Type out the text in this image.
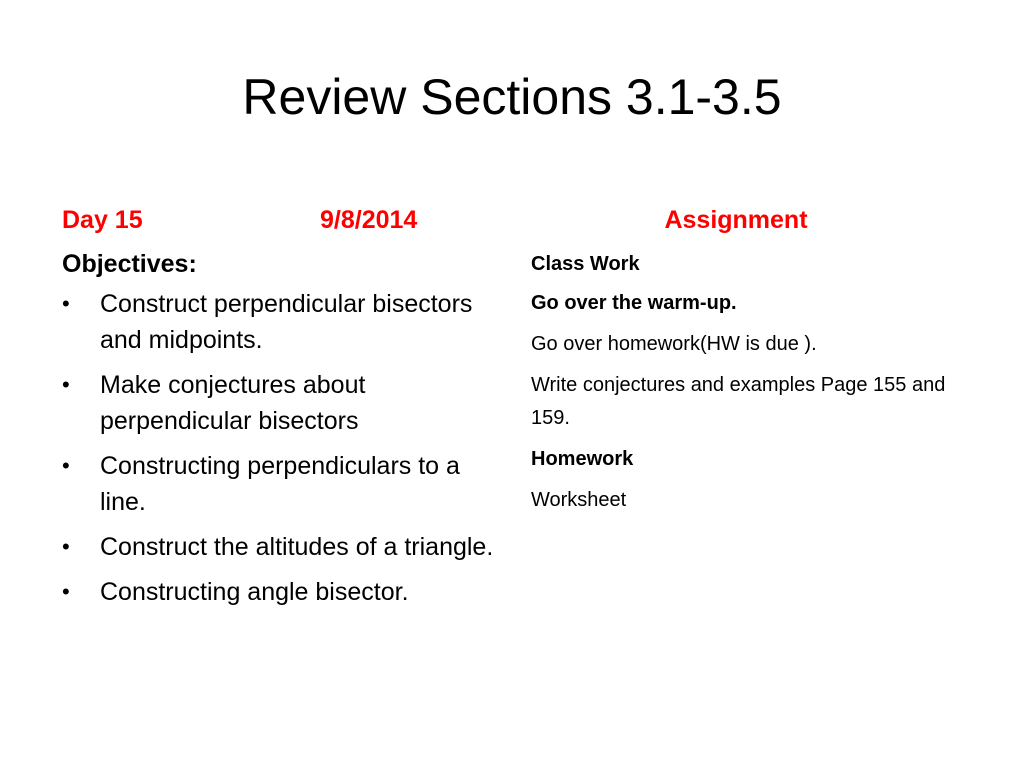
Review Sections 3.1-3.5
Day 15	9/8/2014
Objectives:
• Construct perpendicular bisectors and midpoints.
• Make conjectures about perpendicular bisectors
• Constructing perpendiculars to a line.
• Construct the altitudes of a triangle.
• Constructing angle bisector.
Assignment
Class Work
Go over the warm-up.
Go over homework(HW is due ).
Write conjectures and examples Page 155 and 159.
Homework
Worksheet
